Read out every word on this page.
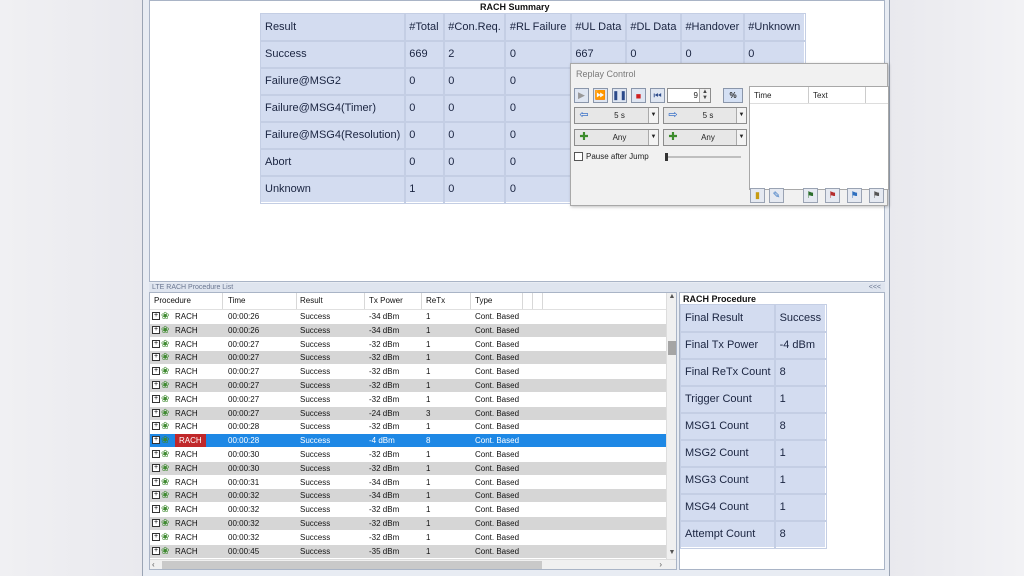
RACH Summary
Result	#Total	#Con.Req.	#RL Failure	#UL Data	#DL Data	#Handover	#Unknown
Success	669	2	0	667	0	0	0
Failure@MSG2	0	0	0				
Failure@MSG4(Timer)	0	0	0				
Failure@MSG4(Resolution)	0	0	0				
Abort	0	0	0				
Unknown	1	0	0				
LTE RACH Procedure List	<<<
Procedure	Time	Result	Tx Power	ReTx	Type
+ ❀ RACH	00:00:26	Success	-34 dBm	1	Cont. Based
+ ❀ RACH	00:00:26	Success	-34 dBm	1	Cont. Based
+ ❀ RACH	00:00:27	Success	-32 dBm	1	Cont. Based
+ ❀ RACH	00:00:27	Success	-32 dBm	1	Cont. Based
+ ❀ RACH	00:00:27	Success	-32 dBm	1	Cont. Based
+ ❀ RACH	00:00:27	Success	-32 dBm	1	Cont. Based
+ ❀ RACH	00:00:27	Success	-32 dBm	1	Cont. Based
+ ❀ RACH	00:00:27	Success	-24 dBm	3	Cont. Based
+ ❀ RACH	00:00:28	Success	-32 dBm	1	Cont. Based
+ ❀	RACH	00:00:28	Success	-4 dBm	8	Cont. Based
+ ❀ RACH	00:00:30	Success	-32 dBm	1	Cont. Based
+ ❀ RACH	00:00:30	Success	-32 dBm	1	Cont. Based
+ ❀ RACH	00:00:31	Success	-34 dBm	1	Cont. Based
+ ❀ RACH	00:00:32	Success	-34 dBm	1	Cont. Based
+ ❀ RACH	00:00:32	Success	-32 dBm	1	Cont. Based
+ ❀ RACH	00:00:32	Success	-32 dBm	1	Cont. Based
+ ❀ RACH	00:00:32	Success	-32 dBm	1	Cont. Based
+ ❀ RACH	00:00:45	Success	-35 dBm	1	Cont. Based
▲
▼
‹	›
RACH Procedure
Final Result	Success
Final Tx Power	-4 dBm
Final ReTx Count	8
Trigger Count	1
MSG1 Count	8
MSG2 Count	1
MSG3 Count	1
MSG4 Count	1
Attempt Count	8
Replay Control
▶	⏩ ❚❚ ■	⏮	9 ▲
▼	%
⇦	5 s	▼ ⇨	5 s	▼
✚	Any	▼ ✚	Any	▼
Pause after Jump
Time	Text
▮	✎	⚑	⚑	⚑	⚑
